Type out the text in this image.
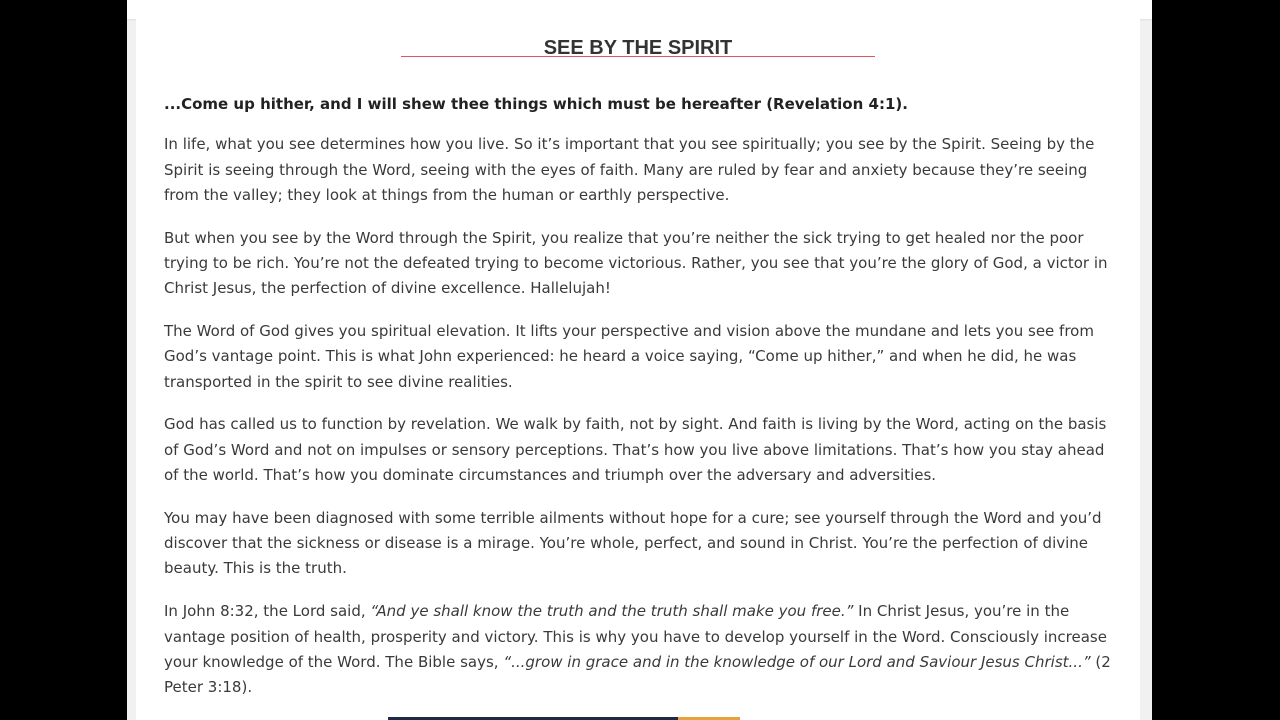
SEE BY THE SPIRIT

...Come up hither, and I will shew thee things which must be hereafter (Revelation 4:1).

In life, what you see determines how you live. So it’s important that you see spiritually; you see by the Spirit. Seeing by the Spirit is seeing through the Word, seeing with the eyes of faith. Many are ruled by fear and anxiety because they’re seeing from the valley; they look at things from the human or earthly perspective.

But when you see by the Word through the Spirit, you realize that you’re neither the sick trying to get healed nor the poor trying to be rich. You’re not the defeated trying to become victorious. Rather, you see that you’re the glory of God, a victor in Christ Jesus, the perfection of divine excellence. Hallelujah!

The Word of God gives you spiritual elevation. It lifts your perspective and vision above the mundane and lets you see from God’s vantage point. This is what John experienced: he heard a voice saying, “Come up hither,” and when he did, he was transported in the spirit to see divine realities.

God has called us to function by revelation. We walk by faith, not by sight. And faith is living by the Word, acting on the basis of God’s Word and not on impulses or sensory perceptions. That’s how you live above limitations. That’s how you stay ahead of the world. That’s how you dominate circumstances and triumph over the adversary and adversities.

You may have been diagnosed with some terrible ailments without hope for a cure; see yourself through the Word and you’d discover that the sickness or disease is a mirage. You’re whole, perfect, and sound in Christ. You’re the perfection of divine beauty. This is the truth.

In John 8:32, the Lord said, “And ye shall know the truth and the truth shall make you free.” In Christ Jesus, you’re in the vantage position of health, prosperity and victory. This is why you have to develop yourself in the Word. Consciously increase your knowledge of the Word. The Bible says, “...grow in grace and in the knowledge of our Lord and Saviour Jesus Christ...” (2 Peter 3:18).
